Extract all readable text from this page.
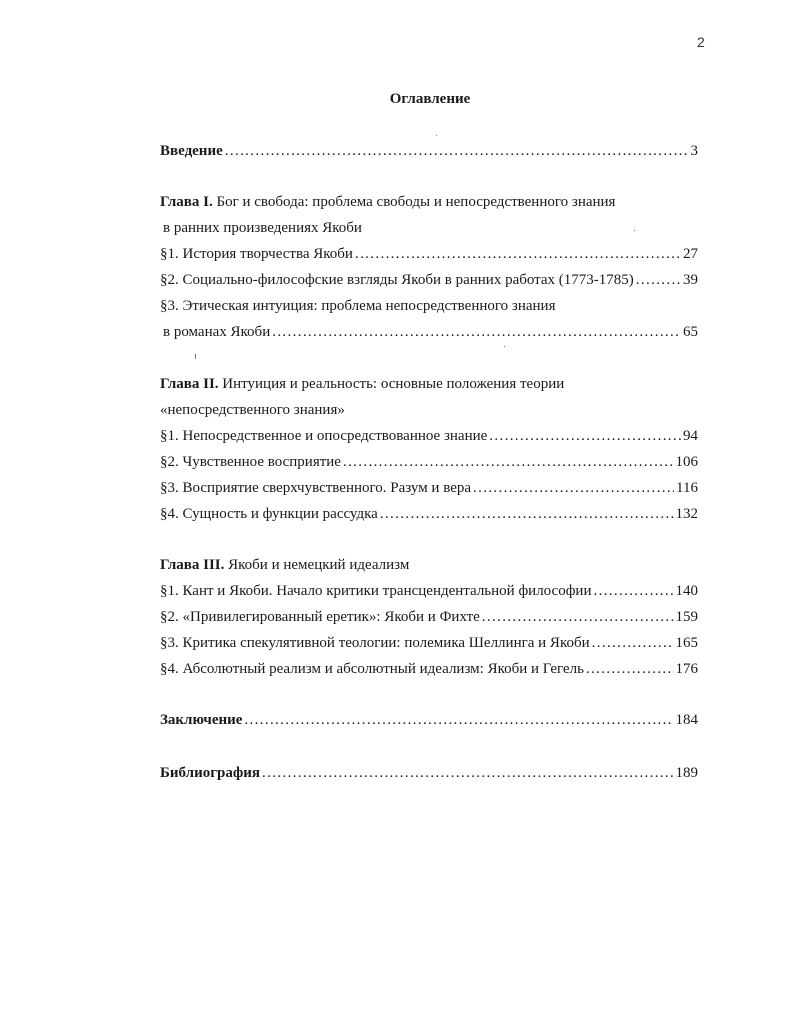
2
Оглавление
Введение . . .	3
Глава I. Бог и свобода: проблема свободы и непосредственного знания
в ранних произведениях Якоби
§1. История творчества Якоби . . .	27
§2. Социально-философские взгляды Якоби в ранних работах (1773-1785) . . .	39
§3. Этическая интуиция: проблема непосредственного знания
в романах Якоби . . .	65
Глава II. Интуиция и реальность: основные положения теории
«непосредственного знания»
§1. Непосредственное и опосредствованное знание . . .	94
§2. Чувственное восприятие . . .	106
§3. Восприятие сверхчувственного. Разум и вера . . .	116
§4. Сущность и функции рассудка . . .	132
Глава III. Якоби и немецкий идеализм
§1. Кант и Якоби. Начало критики трансцендентальной философии . . .	140
§2. «Привилегированный еретик»: Якоби и Фихте . . .	159
§3. Критика спекулятивной теологии: полемика Шеллинга и Якоби . . .	165
§4. Абсолютный реализм и абсолютный идеализм: Якоби и Гегель . . .	176
Заключение . . .	184
Библиография . . .	189
